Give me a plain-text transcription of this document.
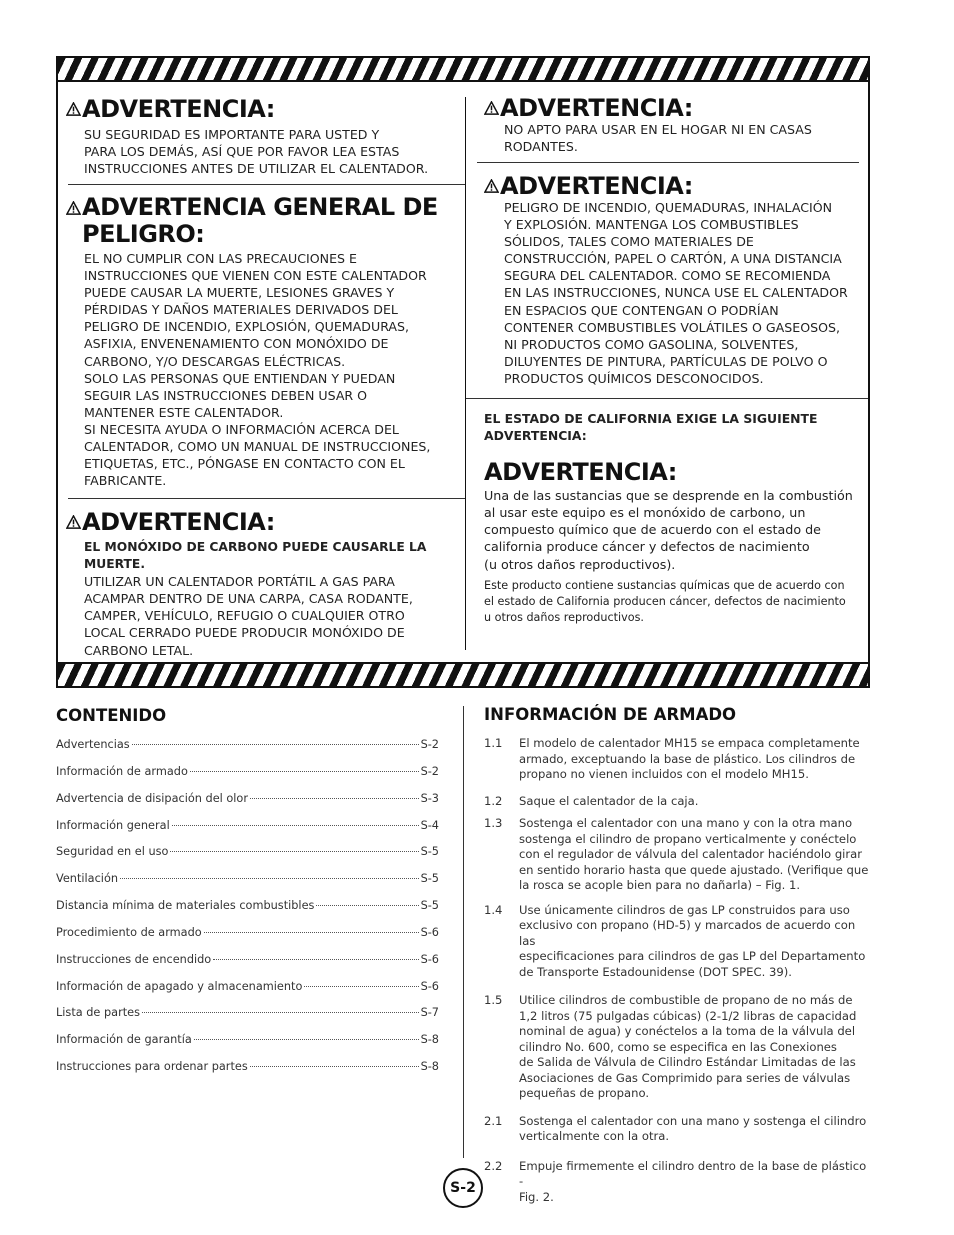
ADVERTENCIA:
SU SEGURIDAD ES IMPORTANTE PARA USTED Y
PARA LOS DEMÁS, ASÍ QUE POR FAVOR LEA ESTAS
INSTRUCCIONES ANTES DE UTILIZAR EL CALENTADOR.
ADVERTENCIA GENERAL DE PELIGRO:
EL NO CUMPLIR CON LAS PRECAUCIONES E
INSTRUCCIONES QUE VIENEN CON ESTE CALENTADOR
PUEDE CAUSAR LA MUERTE, LESIONES GRAVES Y
PÉRDIDAS Y DAÑOS MATERIALES DERIVADOS DEL
PELIGRO DE INCENDIO, EXPLOSIÓN, QUEMADURAS,
ASFIXIA, ENVENENAMIENTO CON MONÓXIDO DE
CARBONO, Y/O DESCARGAS ELÉCTRICAS.
SOLO LAS PERSONAS QUE ENTIENDAN Y PUEDAN
SEGUIR LAS INSTRUCCIONES DEBEN USAR O
MANTENER ESTE CALENTADOR.
SI NECESITA AYUDA O INFORMACIÓN ACERCA DEL
CALENTADOR, COMO UN MANUAL DE INSTRUCCIONES,
ETIQUETAS, ETC., PÓNGASE EN CONTACTO CON EL
FABRICANTE.
ADVERTENCIA:
EL MONÓXIDO DE CARBONO PUEDE CAUSARLE LA
MUERTE.
UTILIZAR UN CALENTADOR PORTÁTIL A GAS PARA
ACAMPAR DENTRO DE UNA CARPA, CASA RODANTE,
CAMPER, VEHÍCULO, REFUGIO O CUALQUIER OTRO
LOCAL CERRADO PUEDE PRODUCIR MONÓXIDO DE
CARBONO LETAL.
ADVERTENCIA:
NO APTO PARA USAR EN EL HOGAR NI EN CASAS
RODANTES.
ADVERTENCIA:
PELIGRO DE INCENDIO, QUEMADURAS, INHALACIÓN
Y EXPLOSIÓN. MANTENGA LOS COMBUSTIBLES
SÓLIDOS, TALES COMO MATERIALES DE
CONSTRUCCIÓN, PAPEL O CARTÓN, A UNA DISTANCIA
SEGURA DEL CALENTADOR. COMO SE RECOMIENDA
EN LAS INSTRUCCIONES, NUNCA USE EL CALENTADOR
EN ESPACIOS QUE CONTENGAN O PODRÍAN
CONTENER COMBUSTIBLES VOLÁTILES O GASEOSOS,
NI PRODUCTOS COMO GASOLINA, SOLVENTES,
DILUYENTES DE PINTURA, PARTÍCULAS DE POLVO O
PRODUCTOS QUÍMICOS DESCONOCIDOS.
EL ESTADO DE CALIFORNIA EXIGE LA SIGUIENTE
ADVERTENCIA:
ADVERTENCIA:
Una de las sustancias que se desprende en la combustión
al usar este equipo es el monóxido de carbono, un
compuesto químico que de acuerdo con el estado de
california produce cáncer y defectos de nacimiento
(u otros daños reproductivos).
Este producto contiene sustancias químicas que de acuerdo con
el estado de California producen cáncer, defectos de nacimiento
u otros daños reproductivos.
CONTENIDO
Advertencias	S-2
Información de armado	S-2
Advertencia de disipación del olor	S-3
Información general	S-4
Seguridad en el uso	S-5
Ventilación	S-5
Distancia mínima de materiales combustibles	S-5
Procedimiento de armado	S-6
Instrucciones de encendido	S-6
Información de apagado y almacenamiento	S-6
Lista de partes	S-7
Información de garantía	S-8
Instrucciones para ordenar partes	S-8
INFORMACIÓN DE ARMADO
1.1	El modelo de calentador MH15 se empaca completamente
armado, exceptuando la base de plástico. Los cilindros de
propano no vienen incluidos con el modelo MH15.
1.2	Saque el calentador de la caja.
1.3	Sostenga el calentador con una mano y con la otra mano
sostenga el cilindro de propano verticalmente y conéctelo
con el regulador de válvula del calentador haciéndolo girar
en sentido horario hasta que quede ajustado. (Verifique que
la rosca se acople bien para no dañarla) – Fig. 1.
1.4	Use únicamente cilindros de gas LP construidos para uso
exclusivo con propano (HD-5) y marcados de acuerdo con las
especificaciones para cilindros de gas LP del Departamento
de Transporte Estadounidense (DOT SPEC. 39).
1.5	Utilice cilindros de combustible de propano de no más de
1,2 litros (75 pulgadas cúbicas) (2-1/2 libras de capacidad
nominal de agua) y conéctelos a la toma de la válvula del
cilindro No. 600, como se especifica en las Conexiones
de Salida de Válvula de Cilindro Estándar Limitadas de las
Asociaciones de Gas Comprimido para series de válvulas
pequeñas de propano.
2.1	Sostenga el calentador con una mano y sostenga el cilindro
verticalmente con la otra.
2.2	Empuje firmemente el cilindro dentro de la base de plástico -
Fig. 2.
S-2
